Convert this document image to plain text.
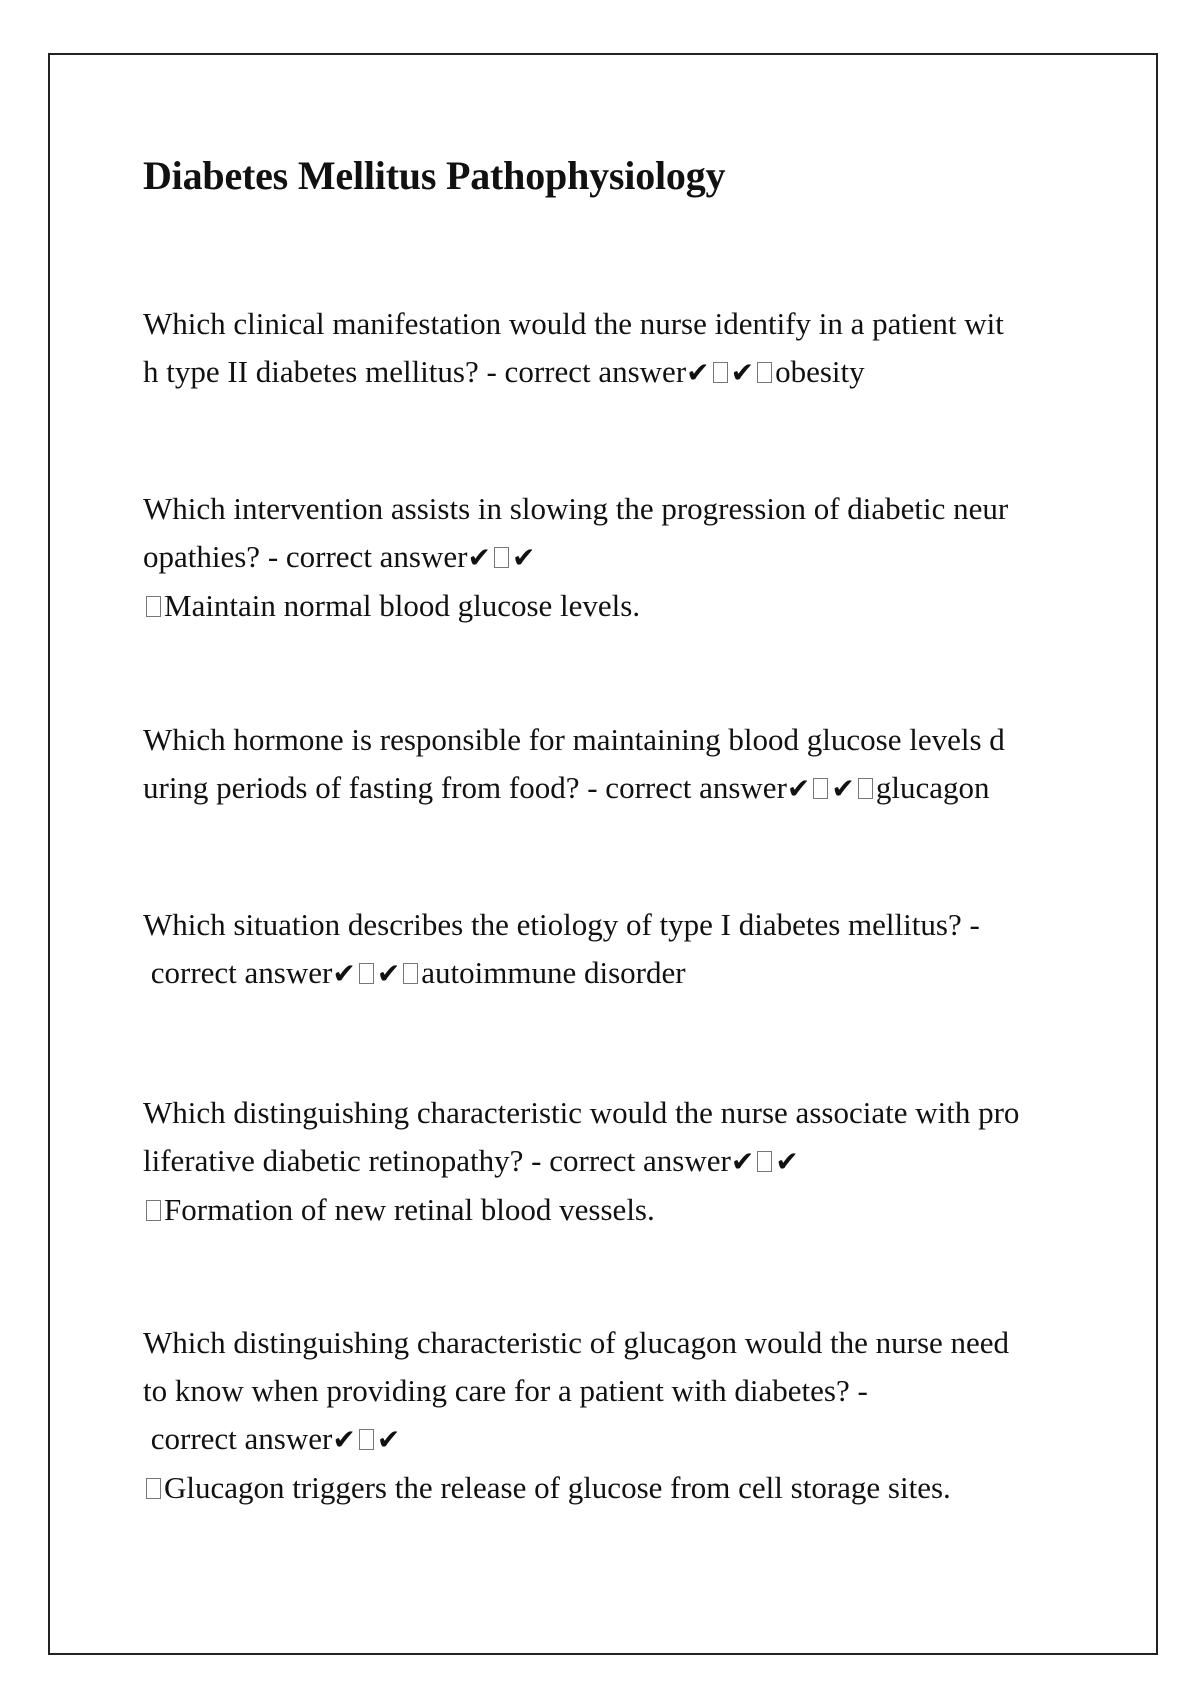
Diabetes Mellitus Pathophysiology

Which clinical manifestation would the nurse identify in a patient wit
h type II diabetes mellitus? - correct answer✔ ✔ obesity

Which intervention assists in slowing the progression of diabetic neur
opathies? - correct answer✔ ✔
Maintain normal blood glucose levels.

Which hormone is responsible for maintaining blood glucose levels d
uring periods of fasting from food? - correct answer✔ ✔ glucagon

Which situation describes the etiology of type I diabetes mellitus? -
correct answer✔ ✔ autoimmune disorder

Which distinguishing characteristic would the nurse associate with pro
liferative diabetic retinopathy? - correct answer✔ ✔
Formation of new retinal blood vessels.

Which distinguishing characteristic of glucagon would the nurse need
to know when providing care for a patient with diabetes? -
correct answer✔ ✔
Glucagon triggers the release of glucose from cell storage sites.
